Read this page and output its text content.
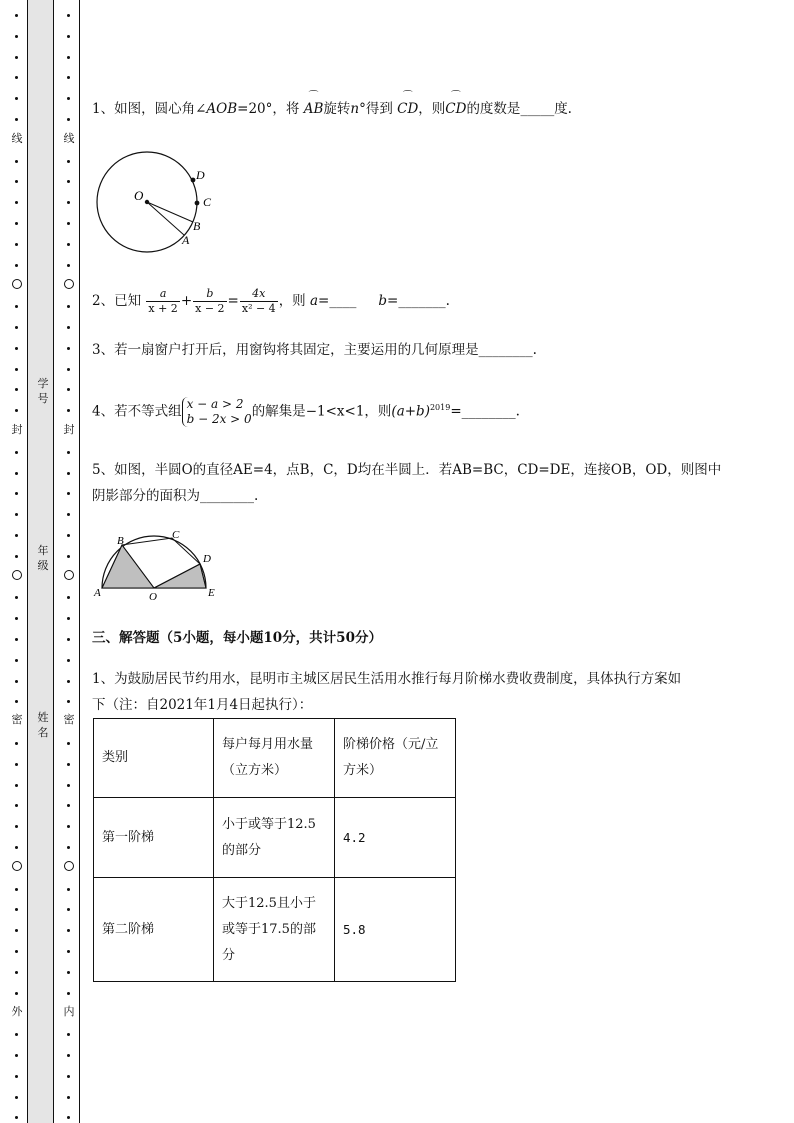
线
封
密
外
线
封
密
内
学号
年级
姓名
1、如图，圆心角∠AOB=20°，将
⌒
AB旋转n°得到
⌒
CD，则
⌒
CD的度数是_____度.
O
D
C
B
A
2、已知 $\frac{a}{x + 2} + \frac{b}{x - 2} = \frac{4x}{\text{x² − 4}}$ ，则 a=____ b=_______.
3、若一扇窗户打开后，用窗钩将其固定，主要运用的几何原理是________.
4、若不等式组 x − a > 2
b − 2x > 0 的解集是−1<x<1，则$(a+b)^{2019}=\_\_\_\_\_\_\_\_$.
5、如图，半圆O的直径AE=4，点B，C，D均在半圆上．若AB=BC，CD=DE，连接OB，OD，则图中
阴影部分的面积为________.
B	C
D
A	O	E
三、解答题（5小题，每小题10分，共计50分）
1、为鼓励居民节约用水，昆明市主城区居民生活用水推行每月阶梯水费收费制度，具体执行方案如
下（注：自2021年1月4日起执行）：
类别	每户每月用水量（立方米）	阶梯价格（元/立方米）
第一阶梯	小于或等于12.5的部分	4.2
第二阶梯	大于12.5且小于或等于17.5的部分	5.8
